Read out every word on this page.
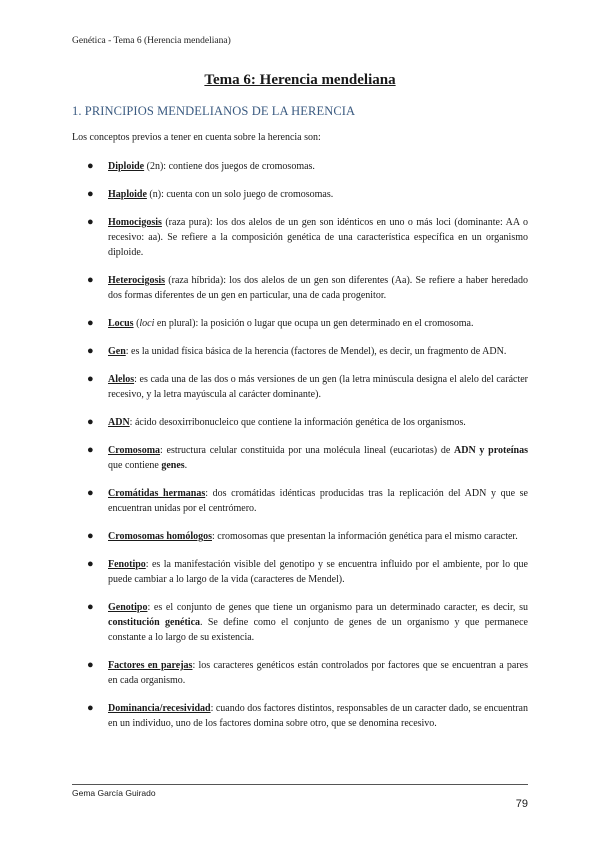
Genética - Tema 6 (Herencia mendeliana)
Tema 6: Herencia mendeliana
1. PRINCIPIOS MENDELIANOS DE LA HERENCIA
Los conceptos previos a tener en cuenta sobre la herencia son:
● Diploide (2n): contiene dos juegos de cromosomas.
● Haploide (n): cuenta con un solo juego de cromosomas.
● Homocigosis (raza pura): los dos alelos de un gen son idénticos en uno o más loci (dominante: AA o recesivo: aa). Se refiere a la composición genética de una característica específica en un organismo diploide.
● Heterocigosis (raza híbrida): los dos alelos de un gen son diferentes (Aa). Se refiere a haber heredado dos formas diferentes de un gen en particular, una de cada progenitor.
● Locus (loci en plural): la posición o lugar que ocupa un gen determinado en el cromosoma.
● Gen: es la unidad física básica de la herencia (factores de Mendel), es decir, un fragmento de ADN.
● Alelos: es cada una de las dos o más versiones de un gen (la letra minúscula designa el alelo del carácter recesivo, y la letra mayúscula al carácter dominante).
● ADN: ácido desoxirribonucleico que contiene la información genética de los organismos.
● Cromosoma: estructura celular constituida por una molécula lineal (eucariotas) de ADN y proteínas que contiene genes.
● Cromátidas hermanas: dos cromátidas idénticas producidas tras la replicación del ADN y que se encuentran unidas por el centrómero.
● Cromosomas homólogos: cromosomas que presentan la información genética para el mismo caracter.
● Fenotipo: es la manifestación visible del genotipo y se encuentra influido por el ambiente, por lo que puede cambiar a lo largo de la vida (caracteres de Mendel).
● Genotipo: es el conjunto de genes que tiene un organismo para un determinado caracter, es decir, su constitución genética. Se define como el conjunto de genes de un organismo y que permanece constante a lo largo de su existencia.
● Factores en parejas: los caracteres genéticos están controlados por factores que se encuentran a pares en cada organismo.
● Dominancia/recesividad: cuando dos factores distintos, responsables de un caracter dado, se encuentran en un individuo, uno de los factores domina sobre otro, que se denomina recesivo.
Gema García Guirado
79
